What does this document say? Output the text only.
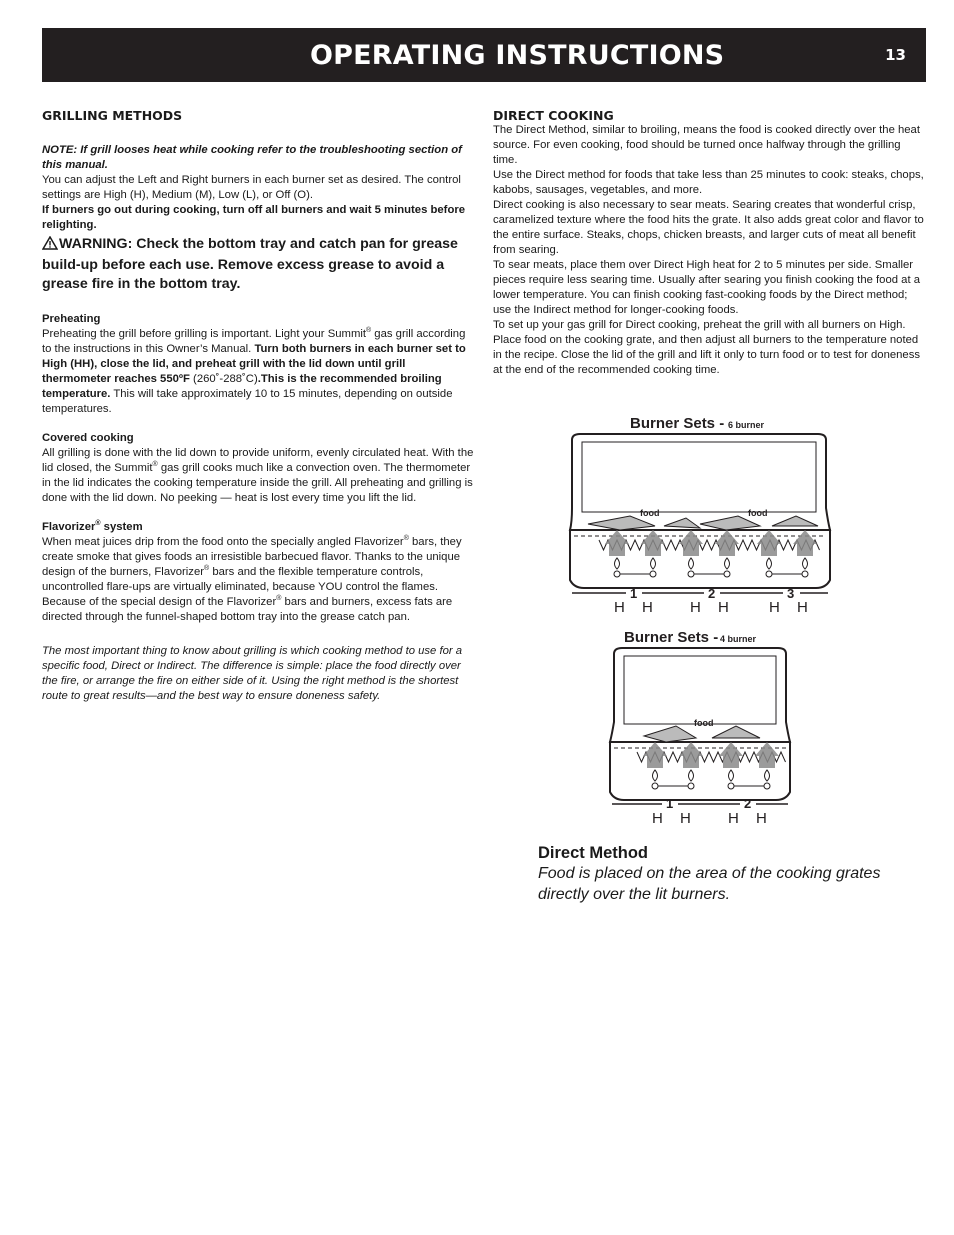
OPERATING INSTRUCTIONS	13

GRILLING METHODS

NOTE: If grill looses heat while cooking refer to the troubleshooting section of this manual.

You can adjust the Left and Right burners in each burner set as desired. The control settings are High (H), Medium (M), Low (L), or Off (O).

If burners go out during cooking, turn off all burners and wait 5 minutes before relighting.

WARNING: Check the bottom tray and catch pan for grease build-up before each use. Remove excess grease to avoid a grease fire in the bottom tray.

Preheating

Preheating the grill before grilling is important. Light your Summit® gas grill according to the instructions in this Owner’s Manual. Turn both burners in each burner set to High (HH), close the lid, and preheat grill with the lid down until grill thermometer reaches 550ºF (260˚-288˚C).This is the recommended broiling temperature. This will take approximately 10 to 15 minutes, depending on outside temperatures.

Covered cooking

All grilling is done with the lid down to provide uniform, evenly circulated heat. With the lid closed, the Summit® gas grill cooks much like a convection oven. The thermometer in the lid indicates the cooking temperature inside the grill. All preheating and grilling is done with the lid down. No peeking — heat is lost every time you lift the lid.

Flavorizer® system

When meat juices drip from the food onto the specially angled Flavorizer® bars, they create smoke that gives foods an irresistible barbecued flavor. Thanks to the unique design of the burners, Flavorizer® bars and the flexible temperature controls, uncontrolled flare-ups are virtually eliminated, because YOU control the flames. Because of the special design of the Flavorizer® bars and burners, excess fats are directed through the funnel-shaped bottom tray into the grease catch pan.

The most important thing to know about grilling is which cooking method to use for a specific food, Direct or Indirect. The difference is simple: place the food directly over the fire, or arrange the fire on either side of it. Using the right method is the shortest route to great results—and the best way to ensure doneness safety.

DIRECT COOKING

The Direct Method, similar to broiling, means the food is cooked directly over the heat source. For even cooking, food should be turned once halfway through the grilling time.

Use the Direct method for foods that take less than 25 minutes to cook: steaks, chops, kabobs, sausages, vegetables, and more.

Direct cooking is also necessary to sear meats. Searing creates that wonderful crisp, caramelized texture where the food hits the grate. It also adds great color and flavor to the entire surface. Steaks, chops, chicken breasts, and larger cuts of meat all benefit from searing.

To sear meats, place them over Direct High heat for 2 to 5 minutes per side. Smaller pieces require less searing time. Usually after searing you finish cooking the food at a lower temperature. You can finish cooking fast-cooking foods by the Direct method; use the Indirect method for longer-cooking foods.

To set up your gas grill for Direct cooking, preheat the grill with all burners on High. Place food on the cooking grate, and then adjust all burners to the temperature noted in the recipe. Close the lid of the grill and lift it only to turn food or to test for doneness at the end of the recommended cooking time.

Burner Sets - 6 burner
food	food
1	2	3
H H H H	H H
Burner Sets - 4 burner
food
1	2
H H H H

Direct Method

Food is placed on the area of the cooking grates directly over the lit burners.
